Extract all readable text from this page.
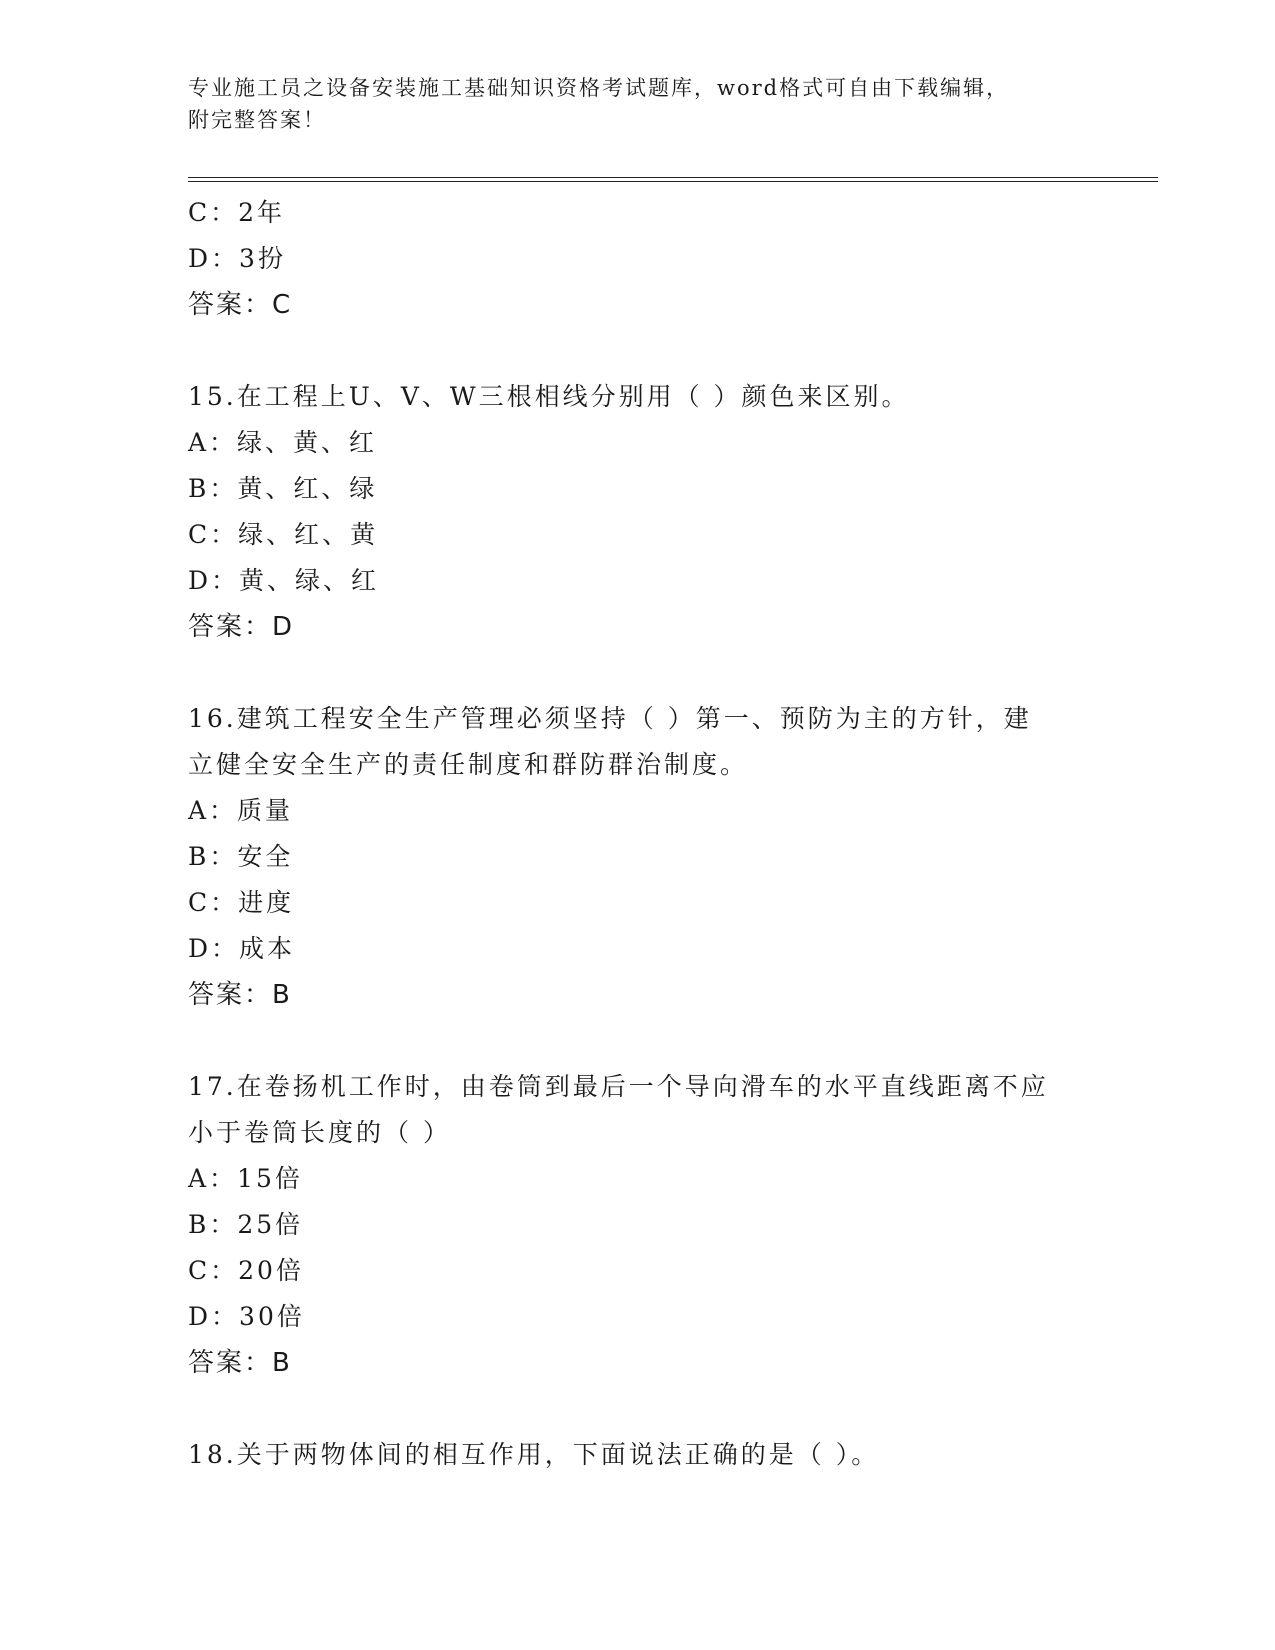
专业施工员之设备安装施工基础知识资格考试题库，word格式可自由下载编辑，
附完整答案！
C：2年
D：3扮
答案：C
15.在工程上U、V、W三根相线分别用（ ）颜色来区别。
A：绿、黄、红
B：黄、红、绿
C：绿、红、黄
D：黄、绿、红
答案：D
16.建筑工程安全生产管理必须坚持（ ）第一、预防为主的方针，建
立健全安全生产的责任制度和群防群治制度。
A：质量
B：安全
C：进度
D：成本
答案：B
17.在卷扬机工作时，由卷筒到最后一个导向滑车的水平直线距离不应
小于卷筒长度的（ ）
A：15倍
B：25倍
C：20倍
D：30倍
答案：B
18.关于两物体间的相互作用，下面说法正确的是（ ）。
